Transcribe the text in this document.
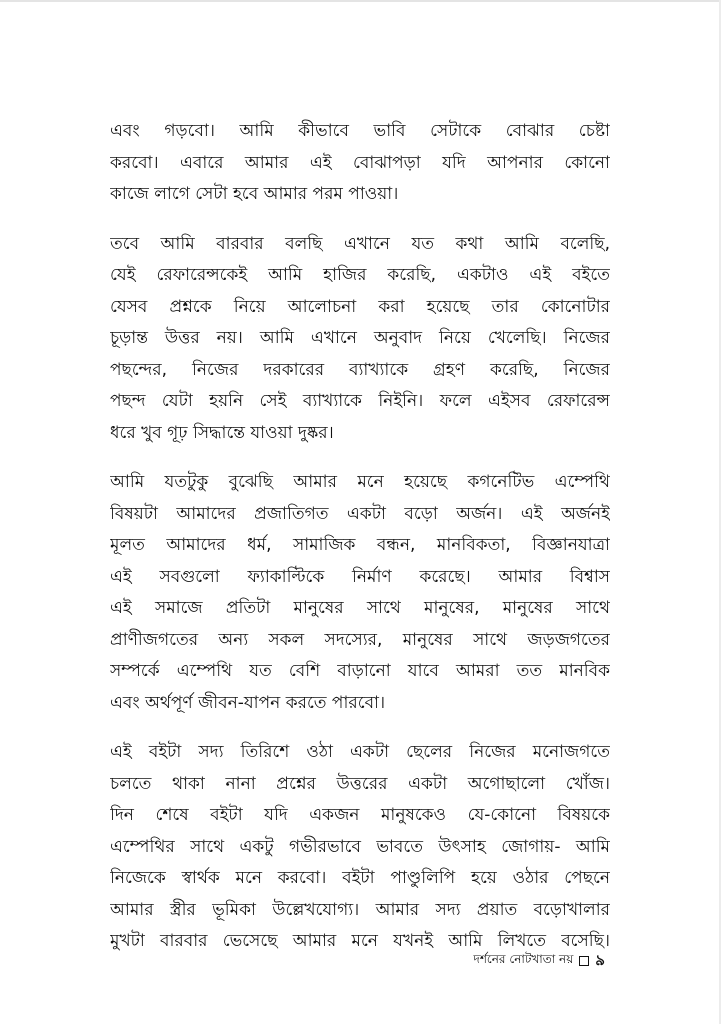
এবং গড়বো। আমি কীভাবে ভাবি সেটাকে বোঝার চেষ্টা
করবো। এবারে আমার এই বোঝাপড়া যদি আপনার কোনো
কাজে লাগে সেটা হবে আমার পরম পাওয়া।

তবে আমি বারবার বলছি এখানে যত কথা আমি বলেছি,
যেই রেফারেন্সকেই আমি হাজির করেছি, একটাও এই বইতে
যেসব প্রশ্নকে নিয়ে আলোচনা করা হয়েছে তার কোনোটার
চূড়ান্ত উত্তর নয়। আমি এখানে অনুবাদ নিয়ে খেলেছি। নিজের
পছন্দের, নিজের দরকারের ব্যাখ্যাকে গ্রহণ করেছি, নিজের
পছন্দ যেটা হয়নি সেই ব্যাখ্যাকে নিইনি। ফলে এইসব রেফারেন্স
ধরে খুব গূঢ় সিদ্ধান্তে যাওয়া দুষ্কর।

আমি যতটুকু বুঝেছি আমার মনে হয়েছে কগনেটিভ এম্পেথি
বিষয়টা আমাদের প্রজাতিগত একটা বড়ো অর্জন। এই অর্জনই
মূলত আমাদের ধর্ম, সামাজিক বন্ধন, মানবিকতা, বিজ্ঞানযাত্রা
এই সবগুলো ফ্যাকাল্টিকে নির্মাণ করেছে। আমার বিশ্বাস
এই সমাজে প্রতিটা মানুষের সাথে মানুষের, মানুষের সাথে
প্রাণীজগতের অন্য সকল সদস্যের, মানুষের সাথে জড়জগতের
সম্পর্কে এম্পেথি যত বেশি বাড়ানো যাবে আমরা তত মানবিক
এবং অর্থপূর্ণ জীবন-যাপন করতে পারবো।

এই বইটা সদ্য তিরিশে ওঠা একটা ছেলের নিজের মনোজগতে
চলতে থাকা নানা প্রশ্নের উত্তরের একটা অগোছালো খোঁজ।
দিন শেষে বইটা যদি একজন মানুষকেও যে-কোনো বিষয়কে
এম্পেথির সাথে একটু গভীরভাবে ভাবতে উৎসাহ জোগায়- আমি
নিজেকে স্বার্থক মনে করবো। বইটা পাণ্ডুলিপি হয়ে ওঠার পেছনে
আমার স্ত্রীর ভূমিকা উল্লেখযোগ্য। আমার সদ্য প্রয়াত বড়োখালার
মুখটা বারবার ভেসেছে আমার মনে যখনই আমি লিখতে বসেছি।

দর্শনের নোটখাতা নয় ৯
